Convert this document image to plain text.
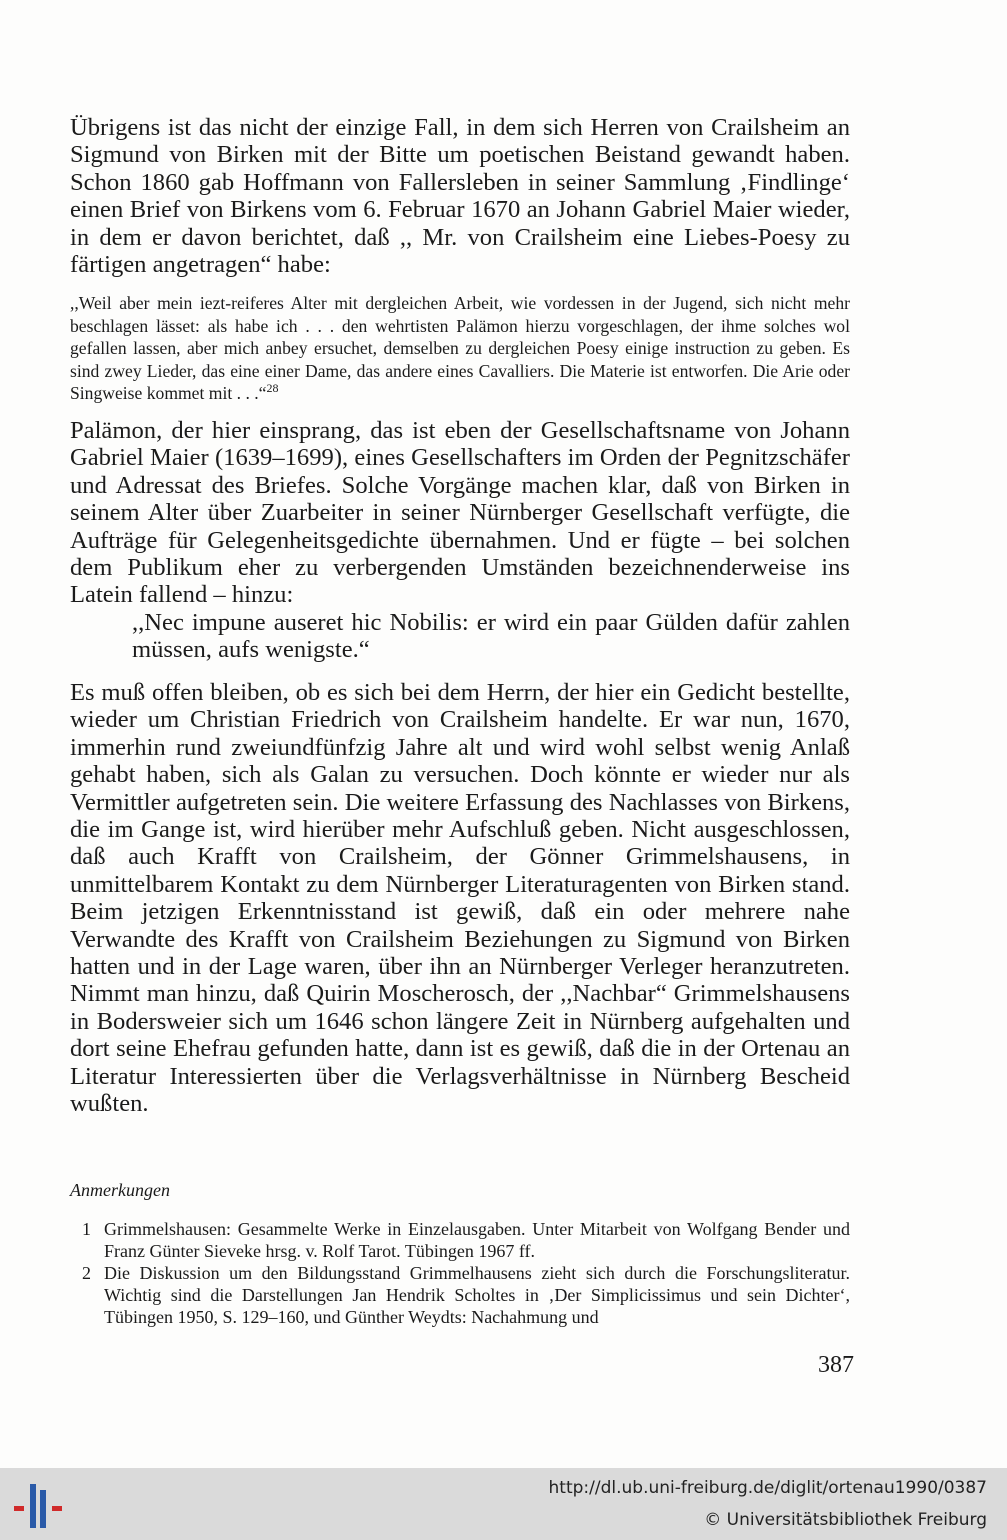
Übrigens ist das nicht der einzige Fall, in dem sich Herren von Crailsheim an Sigmund von Birken mit der Bitte um poetischen Beistand gewandt haben. Schon 1860 gab Hoffmann von Fallersleben in seiner Sammlung ‚Findlinge‘ einen Brief von Birkens vom 6. Februar 1670 an Johann Gabriel Maier wieder, in dem er davon berichtet, daß ,, Mr. von Crailsheim eine Liebes-Poesy zu färtigen angetragen“ habe:

,,Weil aber mein iezt-reiferes Alter mit dergleichen Arbeit, wie vordessen in der Jugend, sich nicht mehr beschlagen lässet: als habe ich . . . den wehrtisten Palämon hierzu vorgeschlagen, der ihme solches wol gefallen lassen, aber mich anbey ersuchet, demselben zu dergleichen Poesy einige instruction zu geben. Es sind zwey Lieder, das eine einer Dame, das andere eines Cavalliers. Die Materie ist entworfen. Die Arie oder Singweise kommet mit . . .“$^{28}$

Palämon, der hier einsprang, das ist eben der Gesellschaftsname von Johann Gabriel Maier (1639–1699), eines Gesellschafters im Orden der Pegnitzschäfer und Adressat des Briefes. Solche Vorgänge machen klar, daß von Birken in seinem Alter über Zuarbeiter in seiner Nürnberger Gesellschaft verfügte, die Aufträge für Gelegenheitsgedichte übernahmen. Und er fügte – bei solchen dem Publikum eher zu verbergenden Umständen bezeichnenderweise ins Latein fallend – hinzu:

,,Nec impune auseret hic Nobilis: er wird ein paar Gülden dafür zahlen müssen, aufs wenigste.“

Es muß offen bleiben, ob es sich bei dem Herrn, der hier ein Gedicht bestellte, wieder um Christian Friedrich von Crailsheim handelte. Er war nun, 1670, immerhin rund zweiundfünfzig Jahre alt und wird wohl selbst wenig Anlaß gehabt haben, sich als Galan zu versuchen. Doch könnte er wieder nur als Vermittler aufgetreten sein. Die weitere Erfassung des Nachlasses von Birkens, die im Gange ist, wird hierüber mehr Aufschluß geben. Nicht ausgeschlossen, daß auch Krafft von Crailsheim, der Gönner Grimmelshausens, in unmittelbarem Kontakt zu dem Nürnberger Literaturagenten von Birken stand. Beim jetzigen Erkenntnisstand ist gewiß, daß ein oder mehrere nahe Verwandte des Krafft von Crailsheim Beziehungen zu Sigmund von Birken hatten und in der Lage waren, über ihn an Nürnberger Verleger heranzutreten. Nimmt man hinzu, daß Quirin Moscherosch, der ,,Nachbar“ Grimmelshausens in Bodersweier sich um 1646 schon längere Zeit in Nürnberg aufgehalten und dort seine Ehefrau gefunden hatte, dann ist es gewiß, daß die in der Ortenau an Literatur Interessierten über die Verlagsverhältnisse in Nürnberg Bescheid wußten.

Anmerkungen
1 Grimmelshausen: Gesammelte Werke in Einzelausgaben. Unter Mitarbeit von Wolfgang Bender und Franz Günter Sieveke hrsg. v. Rolf Tarot. Tübingen 1967 ff.
2 Die Diskussion um den Bildungsstand Grimmelhausens zieht sich durch die Forschungsliteratur. Wichtig sind die Darstellungen Jan Hendrik Scholtes in ‚Der Simplicissimus und sein Dichter‘, Tübingen 1950, S. 129–160, und Günther Weydts: Nachahmung und
387
http://dl.ub.uni-freiburg.de/diglit/ortenau1990/0387
© Universitätsbibliothek Freiburg
